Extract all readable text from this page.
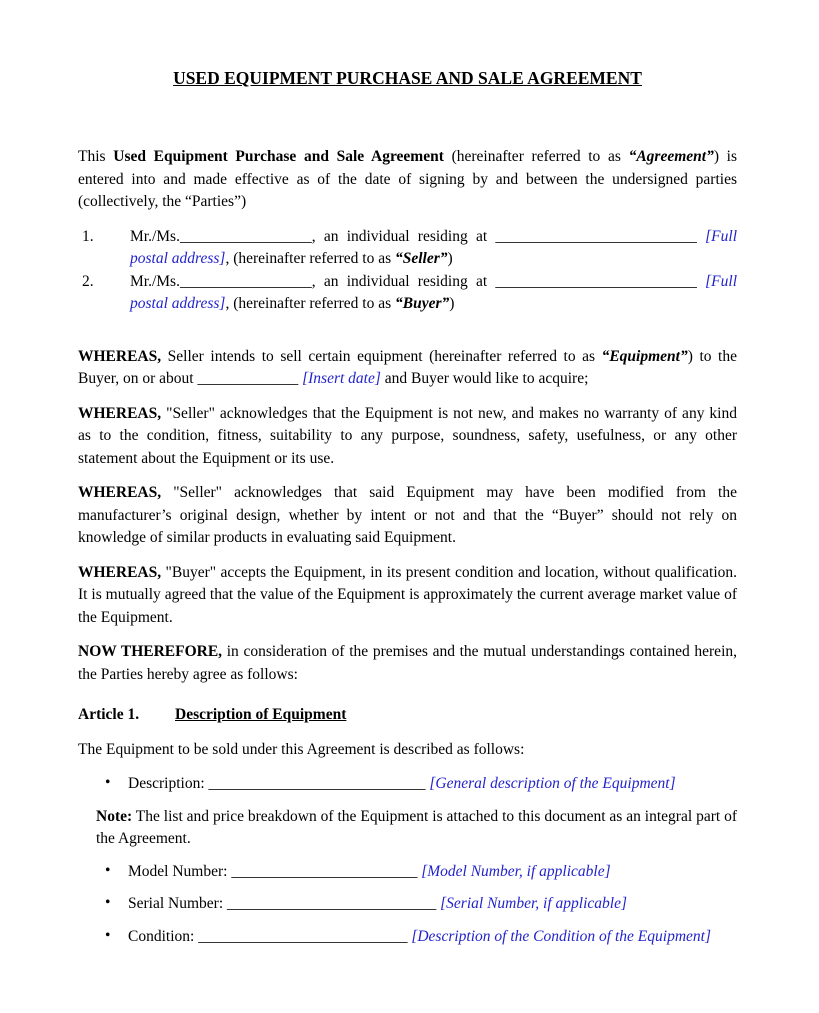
USED EQUIPMENT PURCHASE AND SALE AGREEMENT

This Used Equipment Purchase and Sale Agreement (hereinafter referred to as “Agreement”) is entered into and made effective as of the date of signing by and between the undersigned parties (collectively, the “Parties”)

1. Mr./Ms._________________, an individual residing at __________________________ [Full postal address], (hereinafter referred to as “Seller”)
2. Mr./Ms._________________, an individual residing at __________________________ [Full postal address], (hereinafter referred to as “Buyer”)

WHEREAS, Seller intends to sell certain equipment (hereinafter referred to as “Equipment”) to the Buyer, on or about _____________ [Insert date] and Buyer would like to acquire;

WHEREAS, "Seller" acknowledges that the Equipment is not new, and makes no warranty of any kind as to the condition, fitness, suitability to any purpose, soundness, safety, usefulness, or any other statement about the Equipment or its use.

WHEREAS, "Seller" acknowledges that said Equipment may have been modified from the manufacturer’s original design, whether by intent or not and that the “Buyer” should not rely on knowledge of similar products in evaluating said Equipment.

WHEREAS, "Buyer" accepts the Equipment, in its present condition and location, without qualification. It is mutually agreed that the value of the Equipment is approximately the current average market value of the Equipment.

NOW THEREFORE, in consideration of the premises and the mutual understandings contained herein, the Parties hereby agree as follows:

Article 1. Description of Equipment

The Equipment to be sold under this Agreement is described as follows:

• Description: ____________________________ [General description of the Equipment]

Note: The list and price breakdown of the Equipment is attached to this document as an integral part of the Agreement.

• Model Number: ________________________ [Model Number, if applicable]
• Serial Number: ___________________________ [Serial Number, if applicable]
• Condition: ___________________________ [Description of the Condition of the Equipment]
